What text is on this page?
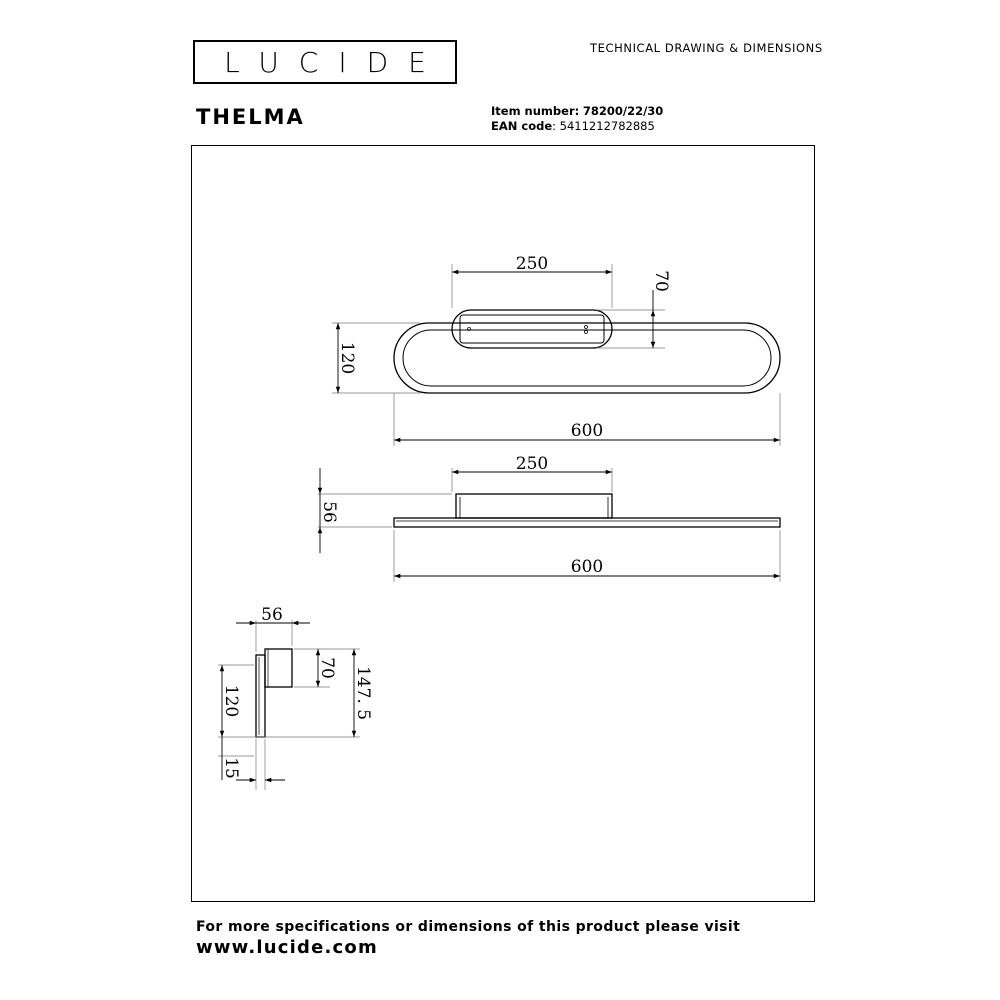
LUCIDE	TECHNICAL DRAWING & DIMENSIONS
THELMA	Item number: 78200/22/30
EAN code: 5411212782885
250
70
120
600
250
56
600
56
70 147. 5
120
15
For more specifications or dimensions of this product please visit
www.lucide.com
